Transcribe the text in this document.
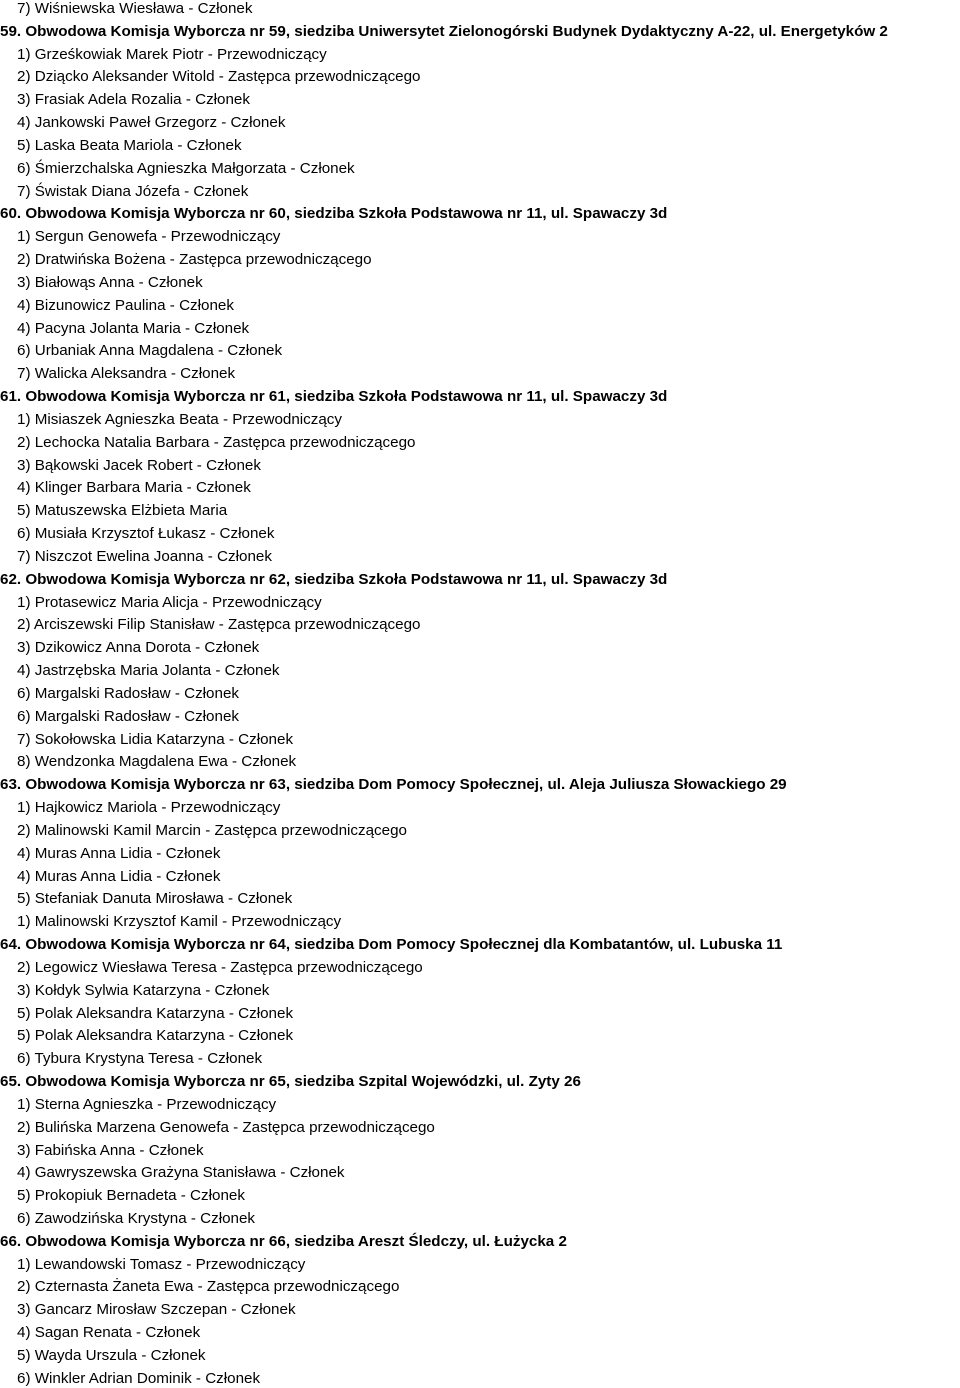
7) Wiśniewska Wiesława - Członek
59. Obwodowa Komisja Wyborcza nr 59, siedziba Uniwersytet Zielonogórski Budynek Dydaktyczny A-22, ul. Energetyków 2
1) Grześkowiak Marek Piotr - Przewodniczący
2) Dziącko Aleksander Witold - Zastępca przewodniczącego
3) Frasiak Adela Rozalia - Członek
4) Jankowski Paweł Grzegorz - Członek
5) Laska Beata Mariola - Członek
6) Śmierzchalska Agnieszka Małgorzata - Członek
7) Świstak Diana Józefa - Członek
60. Obwodowa Komisja Wyborcza nr 60, siedziba Szkoła Podstawowa nr 11, ul. Spawaczy 3d
1) Sergun Genowefa - Przewodniczący
2) Dratwińska Bożena - Zastępca przewodniczącego
3) Białowąs Anna - Członek
4) Bizunowicz Paulina - Członek
4) Pacyna Jolanta Maria - Członek
6) Urbaniak Anna Magdalena - Członek
7) Walicka Aleksandra - Członek
61. Obwodowa Komisja Wyborcza nr 61, siedziba Szkoła Podstawowa nr 11, ul. Spawaczy 3d
1) Misiaszek Agnieszka Beata - Przewodniczący
2) Lechocka Natalia Barbara - Zastępca przewodniczącego
3) Bąkowski Jacek Robert - Członek
4) Klinger Barbara Maria - Członek
5) Matuszewska Elżbieta Maria
6) Musiała Krzysztof Łukasz - Członek
7) Niszczot Ewelina Joanna - Członek
62. Obwodowa Komisja Wyborcza nr 62, siedziba Szkoła Podstawowa nr 11, ul. Spawaczy 3d
1) Protasewicz Maria Alicja - Przewodniczący
2) Arciszewski Filip Stanisław - Zastępca przewodniczącego
3) Dzikowicz Anna Dorota - Członek
4) Jastrzębska Maria Jolanta - Członek
6) Margalski Radosław - Członek
6) Margalski Radosław - Członek
7) Sokołowska Lidia Katarzyna - Członek
8) Wendzonka Magdalena Ewa - Członek
63. Obwodowa Komisja Wyborcza nr 63, siedziba Dom Pomocy Społecznej, ul. Aleja Juliusza Słowackiego 29
1) Hajkowicz Mariola - Przewodniczący
2) Malinowski Kamil Marcin - Zastępca przewodniczącego
4) Muras Anna Lidia - Członek
4) Muras Anna Lidia - Członek
5) Stefaniak Danuta Mirosława - Członek
1) Malinowski Krzysztof Kamil - Przewodniczący
64. Obwodowa Komisja Wyborcza nr 64, siedziba Dom Pomocy Społecznej dla Kombatantów, ul. Lubuska 11
2) Legowicz Wiesława Teresa - Zastępca przewodniczącego
3) Kołdyk Sylwia Katarzyna - Członek
5) Polak Aleksandra Katarzyna - Członek
5) Polak Aleksandra Katarzyna - Członek
6) Tybura Krystyna Teresa - Członek
65. Obwodowa Komisja Wyborcza nr 65, siedziba Szpital Wojewódzki, ul. Zyty 26
1) Sterna Agnieszka - Przewodniczący
2) Bulińska Marzena Genowefa - Zastępca przewodniczącego
3) Fabińska Anna - Członek
4) Gawryszewska Grażyna Stanisława - Członek
5) Prokopiuk Bernadeta - Członek
6) Zawodzińska Krystyna - Członek
66. Obwodowa Komisja Wyborcza nr 66, siedziba Areszt Śledczy, ul. Łużycka 2
1) Lewandowski Tomasz - Przewodniczący
2) Czternasta Żaneta Ewa - Zastępca przewodniczącego
3) Gancarz Mirosław Szczepan - Członek
4) Sagan Renata - Członek
5) Wayda Urszula - Członek
6) Winkler Adrian Dominik - Członek
